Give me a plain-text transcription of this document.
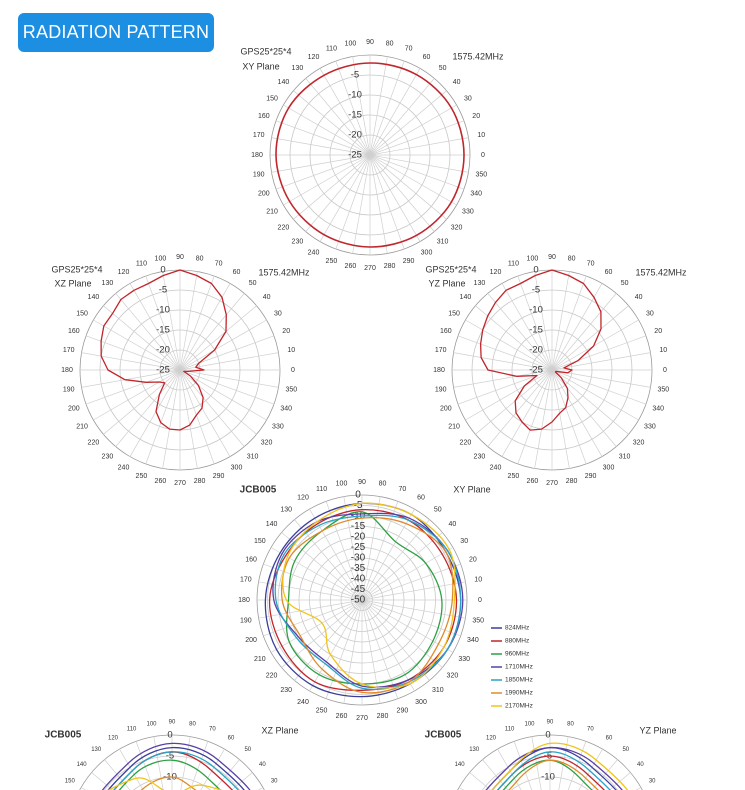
RADIATION PATTERN
0
10
20
30
40
50
60
70
80
90
100
110
120
130
140
150
160
170
180
190
200
210
220
230
240
250
260 270 280
290
300
310
320
330
340
350
-25
-20
-15
-10
-5
GPS25*25*4
XY Plane
1575.42MHz
0
10
20
30
40
50
60
70
80
90
100
110
120
130
140
150
160
170
180
190
200
210
220
230
240
250
260 270 280
290
300
310
320
330
340
350
-25
-20
-15
-10
-5
0
GPS25*25*4
XZ Plane
1575.42MHz
0
10
20
30
40
50
60
70
80
90
100
110
120
130
140
150
160
170
180
190
200
210
220
230
240
250
260 270 280
290
300
310
320
330
340
350
-25
-20
-15
-10
-5
0
GPS25*25*4
YZ Plane
1575.42MHz
0
10
20
30
40
50
60
70
80
90
100
110
120
130
140
150
160
170
180
190
200
210
220
230
240
250
260 270 280
290
300
310
320
330
340
350
-50
-45
-40
-35
-30
-25
-20
-15
-10
-5
0
JCB005	XY Plane
824MHz
880MHz
960MHz
1710MHz
1850MHz
1990MHz
2170MHz
30
40
50
60
70
80
90
100
110
120
130
140
150	-10
-5
0
JCB005	XZ Plane
30
40
50
60
70
80
90
100
110
120
130
140
-10
-5
0
JCB005	YZ Plane
